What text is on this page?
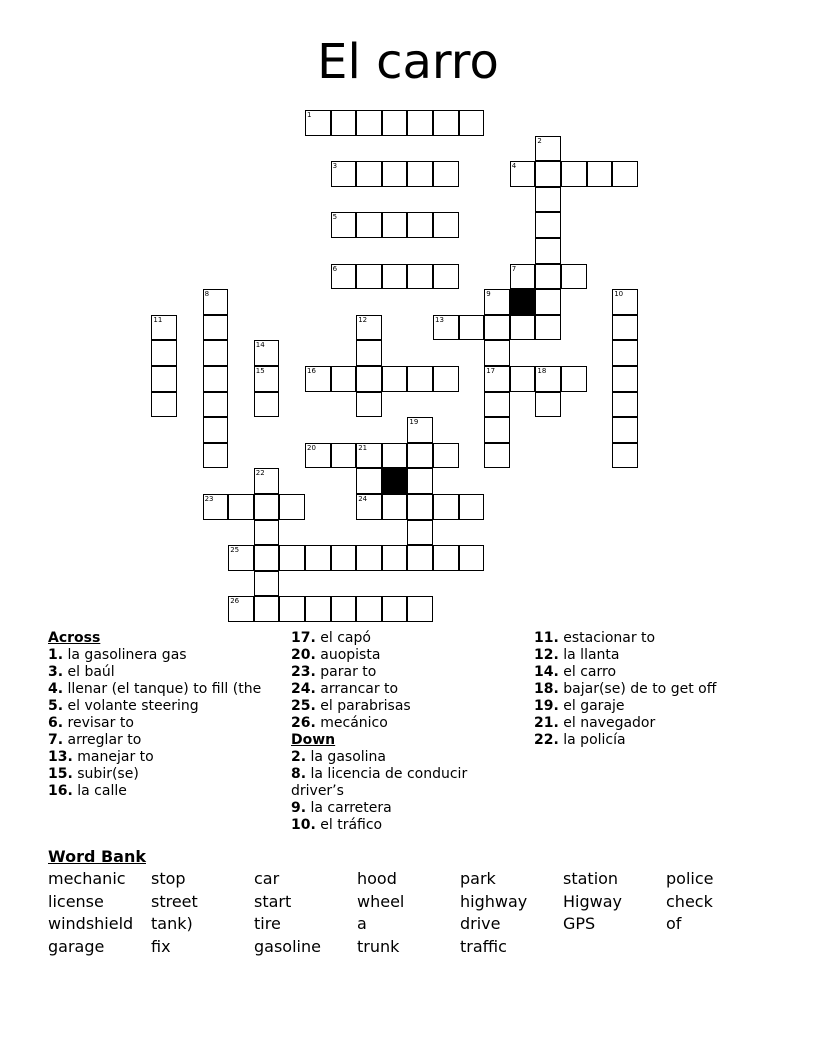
El carro
1
2
3	4
5
6	7
8	9	10
11	12	13
14
15	16	17	18
19
20	21
22
23	24
25
26
Across
1. la gasolinera gas
3. el baúl
4. llenar (el tanque) to fill (the
5. el volante steering
6. revisar to
7. arreglar to
13. manejar to
15. subir(se)
16. la calle
17. el capó
20. auopista
23. parar to
24. arrancar to
25. el parabrisas
26. mecánico
Down
2. la gasolina
8. la licencia de conducir driver’s
9. la carretera
10. el tráfico
11. estacionar to
12. la llanta
14. el carro
18. bajar(se) de to get off
19. el garaje
21. el navegador
22. la policía
Word Bank
mechanic	stop	car	hood	park	station	police
license	street	start	wheel	highway	Higway	check
windshield	tank)	tire	a	drive	GPS	of
garage	fix	gasoline	trunk	traffic
